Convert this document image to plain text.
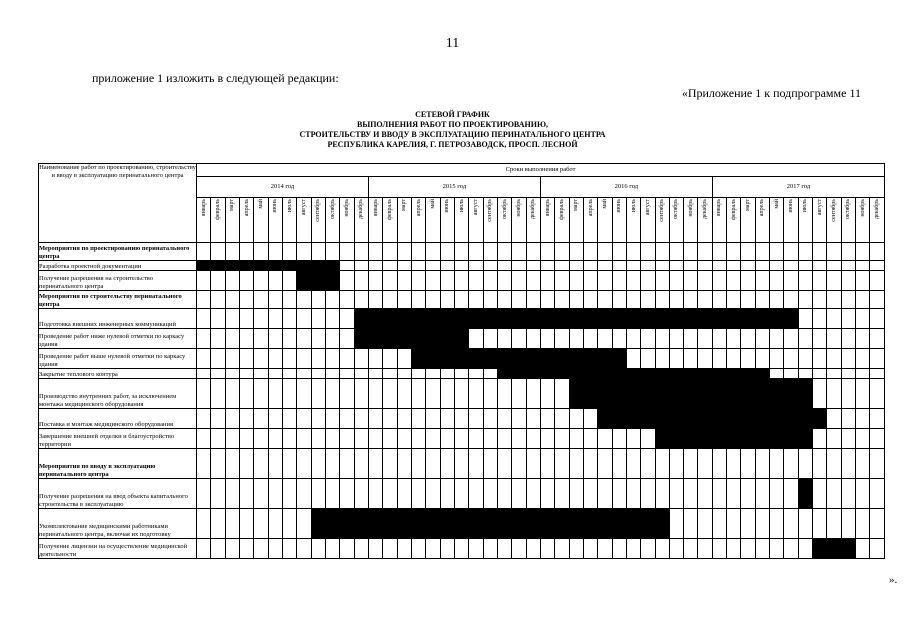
11
приложение 1 изложить в следующей редакции:
«Приложение 1 к подпрограмме 11
СЕТЕВОЙ ГРАФИК
ВЫПОЛНЕНИЯ РАБОТ ПО ПРОЕКТИРОВАНИЮ,
СТРОИТЕЛЬСТВУ И ВВОДУ В ЭКСПЛУАТАЦИЮ ПЕРИНАТАЛЬНОГО ЦЕНТРА
РЕСПУБЛИКА КАРЕЛИЯ, Г. ПЕТРОЗАВОДСК, ПРОСП. ЛЕСНОЙ
Наименование работ по проектированию, строительству и вводу в эксплуатацию перинатального центра	Сроки выполнения работ																																															
	2014 год												2015 год												2016 год												2017 год											
	январь	февраль	март	апрель	май	июнь	июль	август	сентябрь	октябрь	ноябрь	декабрь	январь	февраль	март	апрель	май	июнь	июль	август	сентябрь	октябрь	ноябрь	декабрь	январь	февраль	март	апрель	май	июнь	июль	август	сентябрь	октябрь	ноябрь	декабрь	январь	февраль	март	апрель	май	июнь	июль	август	сентябрь	октябрь	ноябрь	декабрь
Мероприятия по проектированию перинатального центра																																																
Разработка проектной документации																																																
Получение разрешения на строительство перинатального центра																																																
Мероприятия по строительству перинатального центра																																																
Подготовка внешних инженерных коммуникаций																																																
Проведение работ ниже нулевой отметки по каркасу здания																																																
Проведение работ выше нулевой отметки по каркасу здания																																																
Закрытие теплового контура																																																
Производство внутренних работ, за исключением монтажа медицинского оборудования																																																
Поставка и монтаж медицинского оборудования																																																
Завершение внешней отделки и благоустройство территории																																																
Мероприятия по вводу в эксплуатацию перинатального центра																																																
Получение разрешения на ввод объекта капитального строительства в эксплуатацию																																																
Укомплектование медицинскими работниками перинатального центра, включая их подготовку																																																
Получение лицензии на осуществление медицинской деятельности																																																
».
